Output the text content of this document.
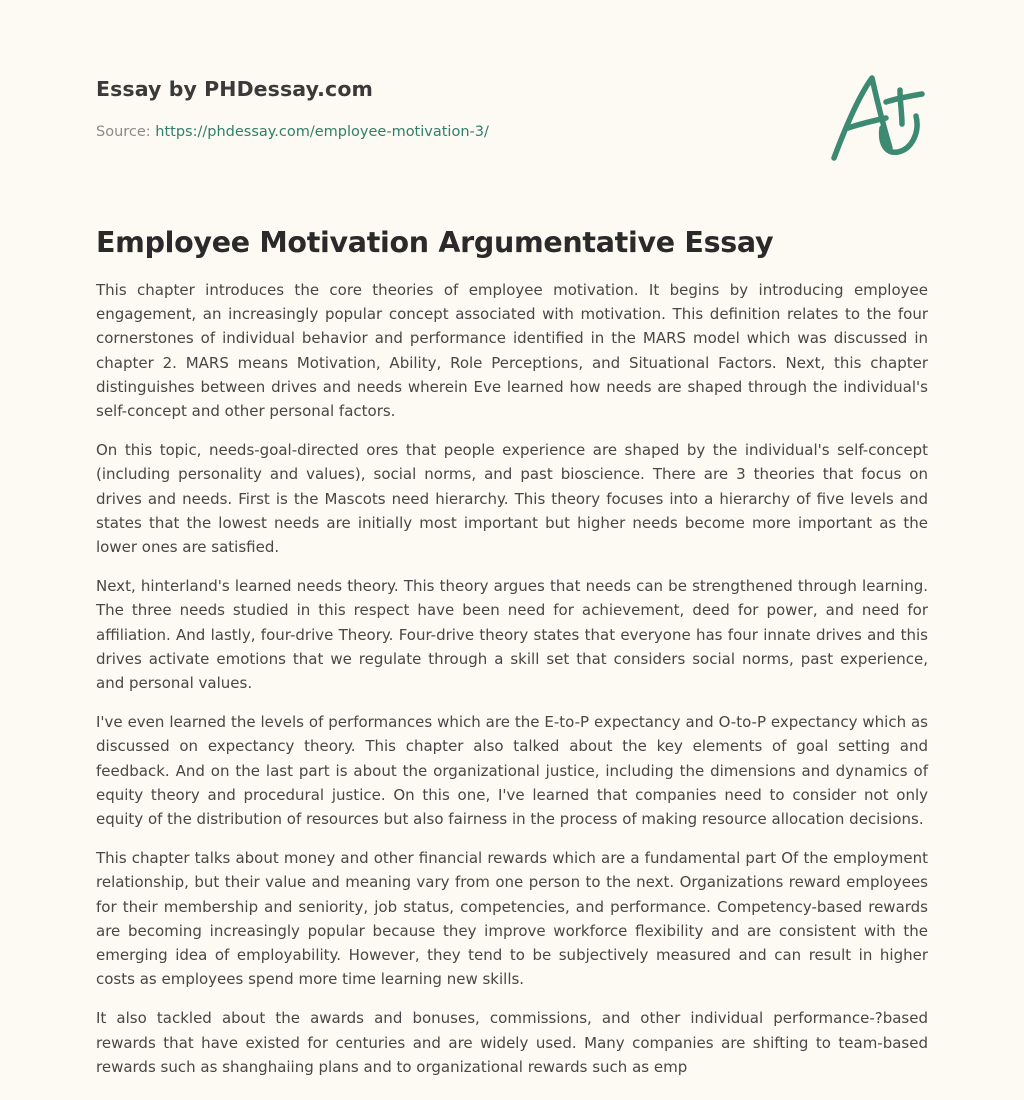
Essay by PHDessay.com
Source: https://phdessay.com/employee-motivation-3/
Employee Motivation Argumentative Essay

This chapter introduces the core theories of employee motivation. It begins by introducing employee engagement, an increasingly popular concept associated with motivation. This definition relates to the four cornerstones of individual behavior and performance identified in the MARS model which was discussed in chapter 2. MARS means Motivation, Ability, Role Perceptions, and Situational Factors. Next, this chapter distinguishes between drives and needs wherein Eve learned how needs are shaped through the individual's self-concept and other personal factors.

On this topic, needs-goal-directed ores that people experience are shaped by the individual's self-concept (including personality and values), social norms, and past bioscience. There are 3 theories that focus on drives and needs. First is the Mascots need hierarchy. This theory focuses into a hierarchy of five levels and states that the lowest needs are initially most important but higher needs become more important as the lower ones are satisfied.

Next, hinterland's learned needs theory. This theory argues that needs can be strengthened through learning. The three needs studied in this respect have been need for achievement, deed for power, and need for affiliation. And lastly, four-drive Theory. Four-drive theory states that everyone has four innate drives and this drives activate emotions that we regulate through a skill set that considers social norms, past experience, and personal values.

I've even learned the levels of performances which are the E-to-P expectancy and O-to-P expectancy which as discussed on expectancy theory. This chapter also talked about the key elements of goal setting and feedback. And on the last part is about the organizational justice, including the dimensions and dynamics of equity theory and procedural justice. On this one, I've learned that companies need to consider not only equity of the distribution of resources but also fairness in the process of making resource allocation decisions.

This chapter talks about money and other financial rewards which are a fundamental part Of the employment relationship, but their value and meaning vary from one person to the next. Organizations reward employees for their membership and seniority, job status, competencies, and performance. Competency-based rewards are becoming increasingly popular because they improve workforce flexibility and are consistent with the emerging idea of employability. However, they tend to be subjectively measured and can result in higher costs as employees spend more time learning new skills.

It also tackled about the awards and bonuses, commissions, and other individual performance-?based rewards that have existed for centuries and are widely used. Many companies are shifting to team-based rewards such as shanghaiing plans and to organizational rewards such as emp
